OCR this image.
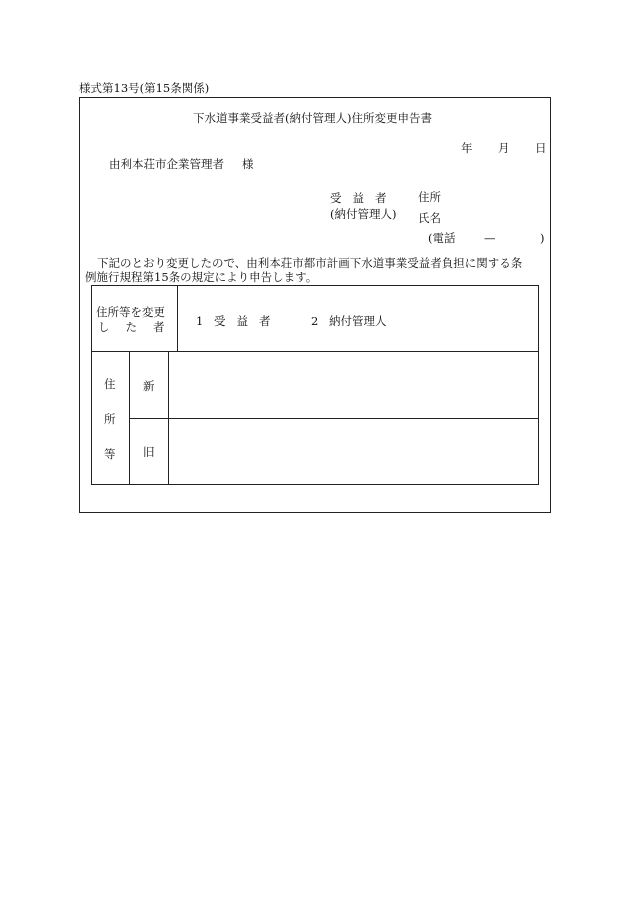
様式第13号(第15条関係)
下水道事業受益者(納付管理人)住所変更申告書
年 月 日
由利本荘市企業管理者 様
受益者
(納付管理人)
住所
氏名
(電話 —	)
下記のとおり変更したので、由利本荘市都市計画下水道事業受益者負担に関する条
例施行規程第15条の規定により申告します。
住所等を変更
した者 1 受益者	2 納付管理人
住
所
等
新
旧
